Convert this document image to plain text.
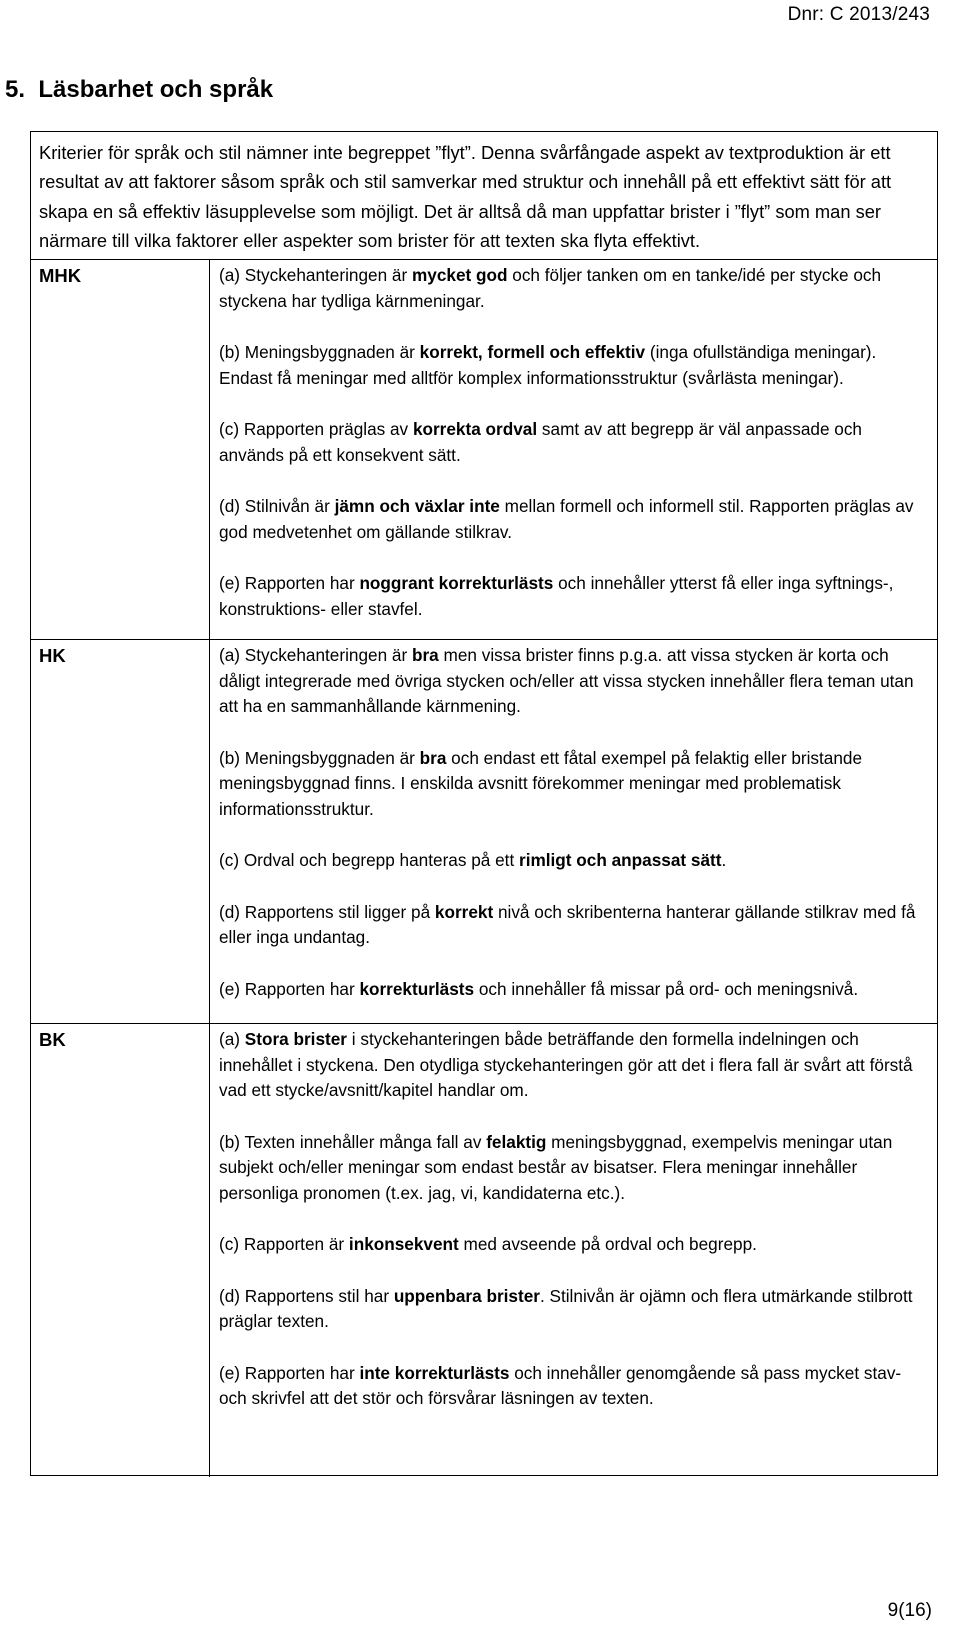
Dnr: C 2013/243
5.  Läsbarhet och språk
Kriterier för språk och stil nämner inte begreppet ”flyt”. Denna svårfångade aspekt av textproduktion är ett resultat av att faktorer såsom språk och stil samverkar med struktur och innehåll på ett effektivt sätt för att skapa en så effektiv läsupplevelse som möjligt. Det är alltså då man uppfattar brister i ”flyt” som man ser närmare till vilka faktorer eller aspekter som brister för att texten ska flyta effektivt.
MHK	(a) Styckehanteringen är mycket god och följer tanken om en tanke/idé per stycke och styckena har tydliga kärnmeningar.

(b) Meningsbyggnaden är korrekt, formell och effektiv (inga ofullständiga meningar). Endast få meningar med alltför komplex informationsstruktur (svårlästa meningar).

(c) Rapporten präglas av korrekta ordval samt av att begrepp är väl anpassade och används på ett konsekvent sätt.

(d) Stilnivån är jämn och växlar inte mellan formell och informell stil. Rapporten präglas av god medvetenhet om gällande stilkrav.

(e) Rapporten har noggrant korrekturlästs och innehåller ytterst få eller inga syftnings-, konstruktions- eller stavfel.

HK	(a) Styckehanteringen är bra men vissa brister finns p.g.a. att vissa stycken är korta och dåligt integrerade med övriga stycken och/eller att vissa stycken innehåller flera teman utan att ha en sammanhållande kärnmening.

(b) Meningsbyggnaden är bra och endast ett fåtal exempel på felaktig eller bristande meningsbyggnad finns. I enskilda avsnitt förekommer meningar med problematisk informationsstruktur.

(c) Ordval och begrepp hanteras på ett rimligt och anpassat sätt.

(d) Rapportens stil ligger på korrekt nivå och skribenterna hanterar gällande stilkrav med få eller inga undantag.

(e) Rapporten har korrekturlästs och innehåller få missar på ord- och meningsnivå.

BK	(a) Stora brister i styckehanteringen både beträffande den formella indelningen och innehållet i styckena. Den otydliga styckehanteringen gör att det i flera fall är svårt att förstå vad ett stycke/avsnitt/kapitel handlar om.

(b) Texten innehåller många fall av felaktig meningsbyggnad, exempelvis meningar utan subjekt och/eller meningar som endast består av bisatser. Flera meningar innehåller personliga pronomen (t.ex. jag, vi, kandidaterna etc.).

(c) Rapporten är inkonsekvent med avseende på ordval och begrepp.

(d) Rapportens stil har uppenbara brister. Stilnivån är ojämn och flera utmärkande stilbrott präglar texten.

(e) Rapporten har inte korrekturlästs och innehåller genomgående så pass mycket stav- och skrivfel att det stör och försvårar läsningen av texten.

9(16)
